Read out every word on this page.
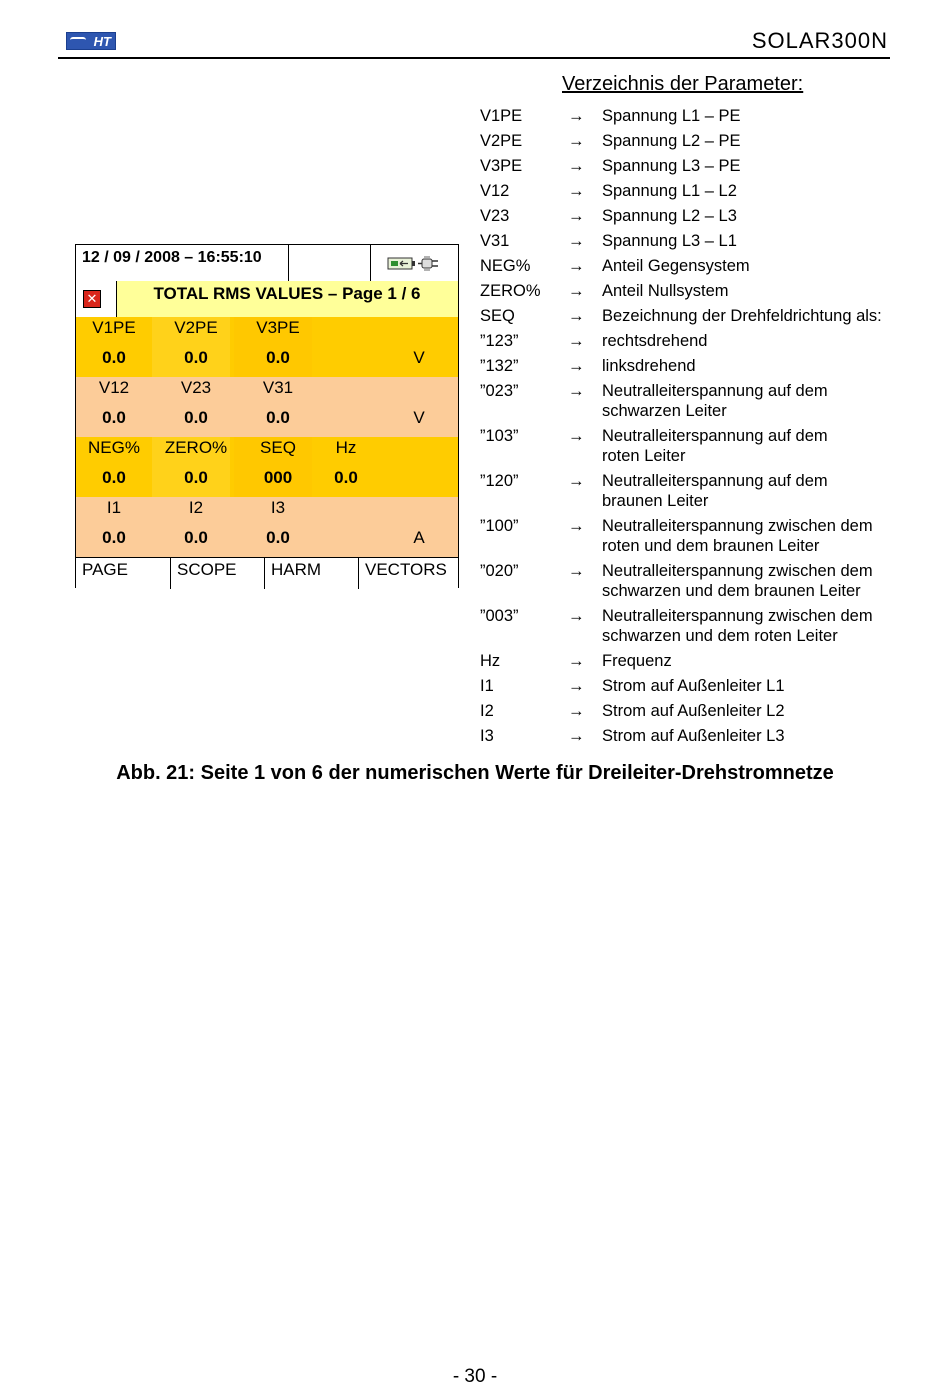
HT	SOLAR300N
12 / 09 / 2008 – 16:55:10
✕	TOTAL RMS VALUES – Page 1 / 6
V1PE	V2PE	V3PE
0.0	0.0	0.0	V
V12	V23	V31
0.0	0.0	0.0	V
NEG%	ZERO%	SEQ	Hz
0.0	0.0	000	0.0
I1	I2	I3
0.0	0.0	0.0	A
PAGE	SCOPE	HARM	VECTORS
Verzeichnis der Parameter:
V1PE	→ Spannung L1 – PE
V2PE	→ Spannung L2 – PE
V3PE	→ Spannung L3 – PE
V12	→ Spannung L1 – L2
V23	→ Spannung L2 – L3
V31	→ Spannung L3 – L1
NEG% → Anteil Gegensystem
ZERO% → Anteil Nullsystem
SEQ	→ Bezeichnung der Drehfeldrichtung als:
”123”	→ rechtsdrehend
”132”	→ linksdrehend
”023”	→ Neutralleiterspannung auf dem
schwarzen Leiter
”103”	→ Neutralleiterspannung auf dem
roten Leiter
”120”	→ Neutralleiterspannung auf dem
braunen Leiter
”100”	→ Neutralleiterspannung zwischen dem
roten und dem braunen Leiter
”020”	→ Neutralleiterspannung zwischen dem
schwarzen und dem braunen Leiter
”003”	→ Neutralleiterspannung zwischen dem
schwarzen und dem roten Leiter
Hz	→ Frequenz
I1	→ Strom auf Außenleiter L1
I2	→ Strom auf Außenleiter L2
I3	→ Strom auf Außenleiter L3
Abb. 21: Seite 1 von 6 der numerischen Werte für Dreileiter-Drehstromnetze
- 30 -
